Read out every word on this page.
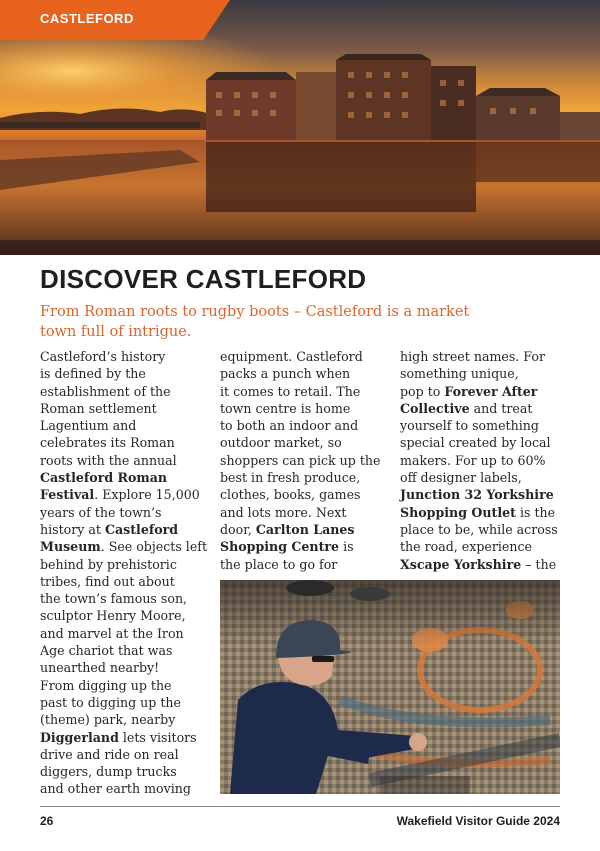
CASTLEFORD
DISCOVER CASTLEFORD

From Roman roots to rugby boots – Castleford is a market town full of intrigue.

Castleford’s history
is defined by the
establishment of the
Roman settlement
Lagentium and
celebrates its Roman
roots with the annual
Castleford Roman
Festival. Explore 15,000
years of the town’s
history at Castleford
Museum. See objects left
behind by prehistoric
tribes, find out about
the town’s famous son,
sculptor Henry Moore,
and marvel at the Iron
Age chariot that was
unearthed nearby!
From digging up the
past to digging up the
(theme) park, nearby
Diggerland lets visitors
drive and ride on real
diggers, dump trucks
and other earth moving
equipment. Castleford
packs a punch when
it comes to retail. The
town centre is home
to both an indoor and
outdoor market, so
shoppers can pick up the
best in fresh produce,
clothes, books, games
and lots more. Next
door, Carlton Lanes
Shopping Centre is
the place to go for
high street names. For
something unique,
pop to Forever After
Collective and treat
yourself to something
special created by local
makers. For up to 60%
off designer labels,
Junction 32 Yorkshire
Shopping Outlet is the
place to be, while across
the road, experience
Xscape Yorkshire – the
26	Wakefield Visitor Guide 2024
